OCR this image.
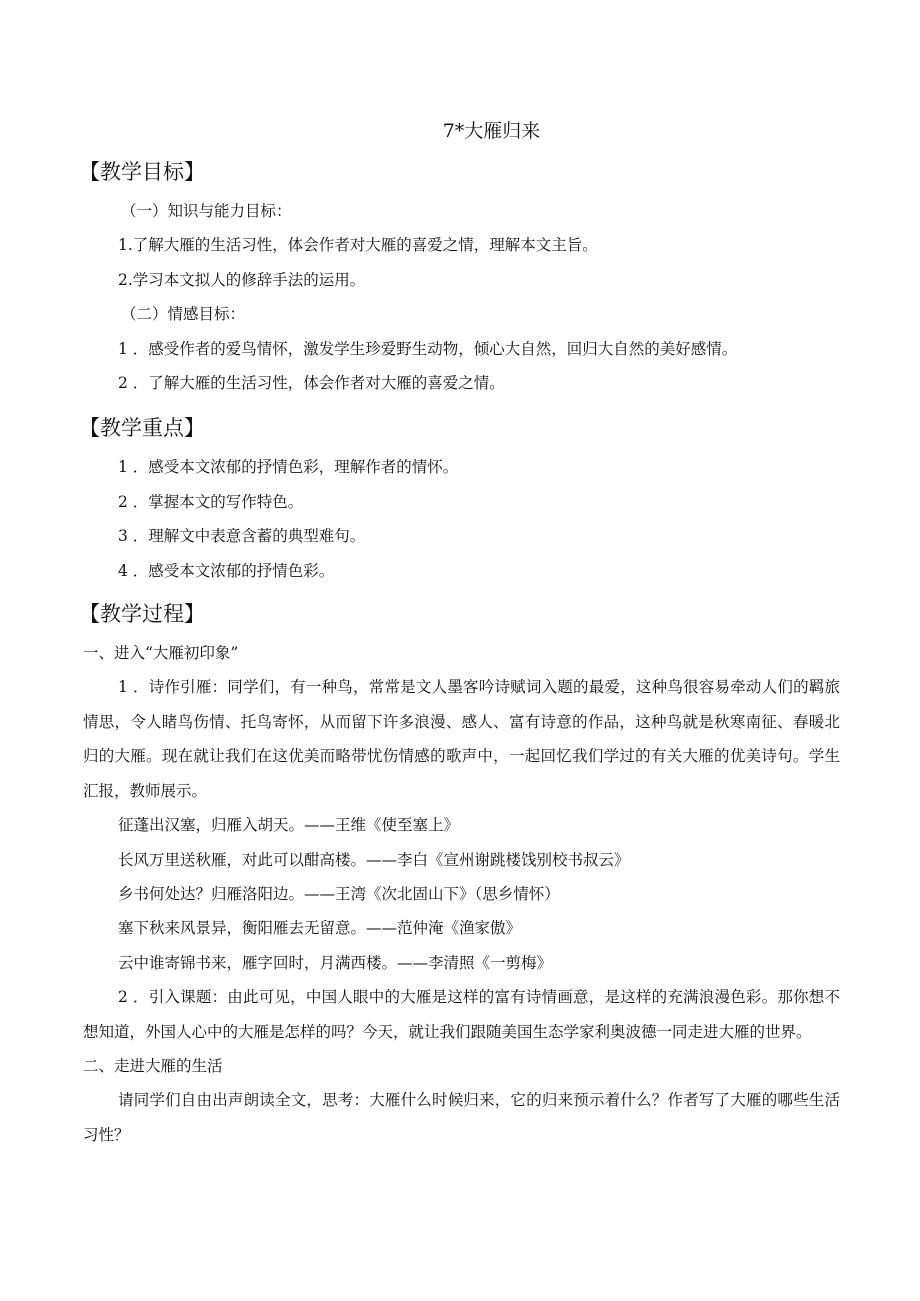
7*大雁归来
【教学目标】
（一）知识与能力目标：
1.了解大雁的生活习性，体会作者对大雁的喜爱之情，理解本文主旨。
2.学习本文拟人的修辞手法的运用。
（二）情感目标：
1 ．感受作者的爱鸟情怀，激发学生珍爱野生动物，倾心大自然，回归大自然的美好感情。
2 ．了解大雁的生活习性，体会作者对大雁的喜爱之情。
【教学重点】
1 ．感受本文浓郁的抒情色彩，理解作者的情怀。
2 ．掌握本文的写作特色。
3 ．理解文中表意含蓄的典型难句。
4 ．感受本文浓郁的抒情色彩。
【教学过程】
一、进入“大雁初印象”
1 ．诗作引雁：同学们，有一种鸟，常常是文人墨客吟诗赋词入题的最爱，这种鸟很容易牵动人们的羁旅情思，令人睹鸟伤情、托鸟寄怀，从而留下许多浪漫、感人、富有诗意的作品，这种鸟就是秋寒南征、春暖北归的大雁。现在就让我们在这优美而略带忧伤情感的歌声中，一起回忆我们学过的有关大雁的优美诗句。学生汇报，教师展示。
征蓬出汉塞，归雁入胡天。——王维《使至塞上》
长风万里送秋雁，对此可以酣高楼。——李白《宣州谢跳楼饯别校书叔云》
乡书何处达？归雁洛阳边。——王湾《次北固山下》（思乡情怀）
塞下秋来风景异，衡阳雁去无留意。——范仲淹《渔家傲》
云中谁寄锦书来，雁字回时，月满西楼。——李清照《一剪梅》
2 ．引入课题：由此可见，中国人眼中的大雁是这样的富有诗情画意，是这样的充满浪漫色彩。那你想不想知道，外国人心中的大雁是怎样的吗？今天，就让我们跟随美国生态学家利奥波德一同走进大雁的世界。
二、走进大雁的生活
请同学们自由出声朗读全文，思考：大雁什么时候归来，它的归来预示着什么？作者写了大雁的哪些生活习性？
